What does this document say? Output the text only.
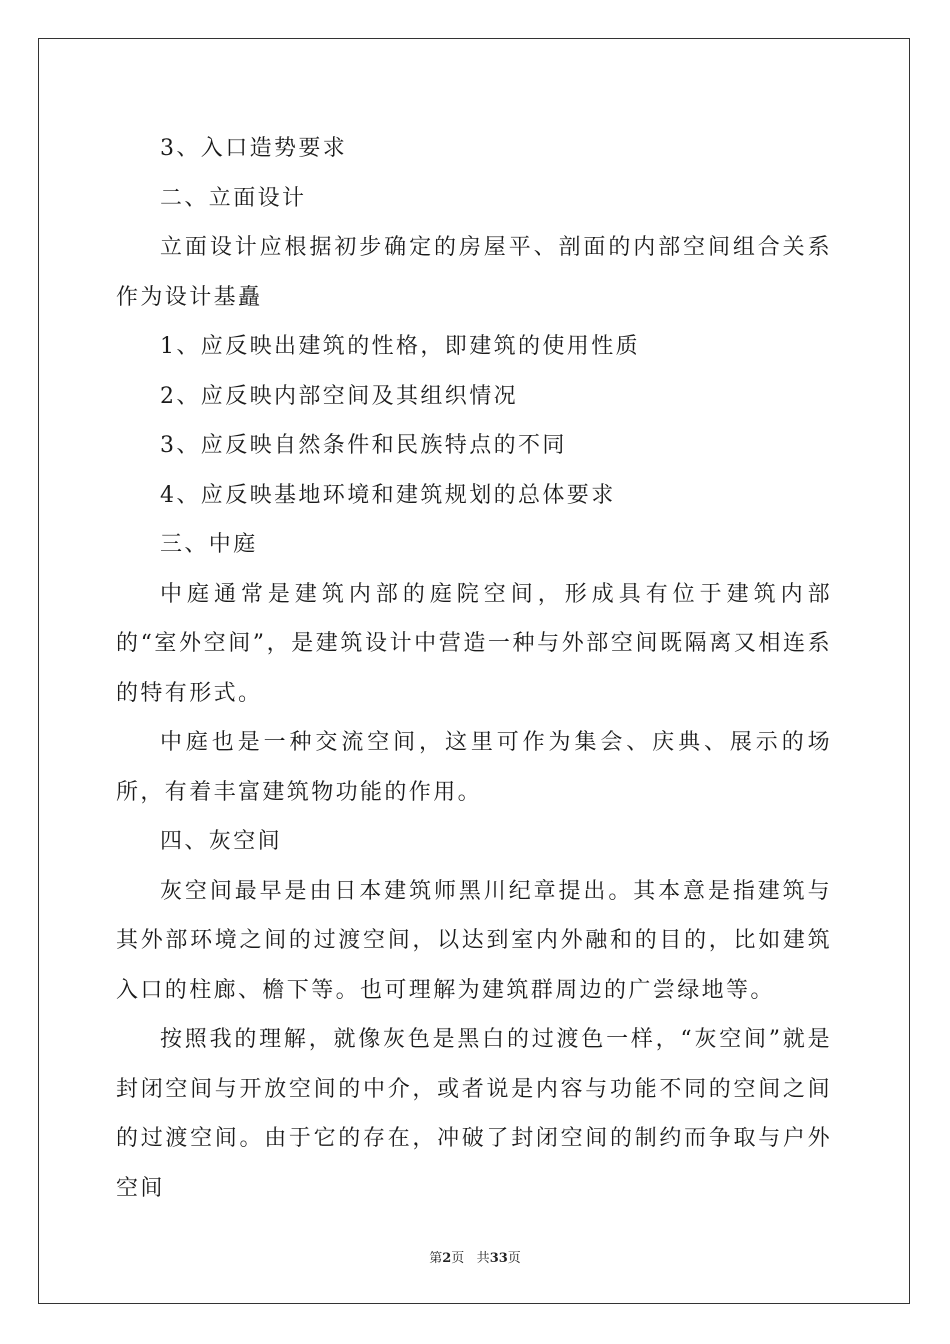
3、入口造势要求

二、立面设计

立面设计应根据初步确定的房屋平、剖面的内部空间组合关系作为设计基矗

1、应反映出建筑的性格，即建筑的使用性质

2、应反映内部空间及其组织情况

3、应反映自然条件和民族特点的不同

4、应反映基地环境和建筑规划的总体要求

三、中庭

中庭通常是建筑内部的庭院空间，形成具有位于建筑内部的“室外空间”，是建筑设计中营造一种与外部空间既隔离又相连系的特有形式。

中庭也是一种交流空间，这里可作为集会、庆典、展示的场所，有着丰富建筑物功能的作用。

四、灰空间

灰空间最早是由日本建筑师黑川纪章提出。其本意是指建筑与其外部环境之间的过渡空间，以达到室内外融和的目的，比如建筑入口的柱廊、檐下等。也可理解为建筑群周边的广尝绿地等。

按照我的理解，就像灰色是黑白的过渡色一样，“灰空间”就是封闭空间与开放空间的中介，或者说是内容与功能不同的空间之间的过渡空间。由于它的存在，冲破了封闭空间的制约而争取与户外空间

第2页 共33页
